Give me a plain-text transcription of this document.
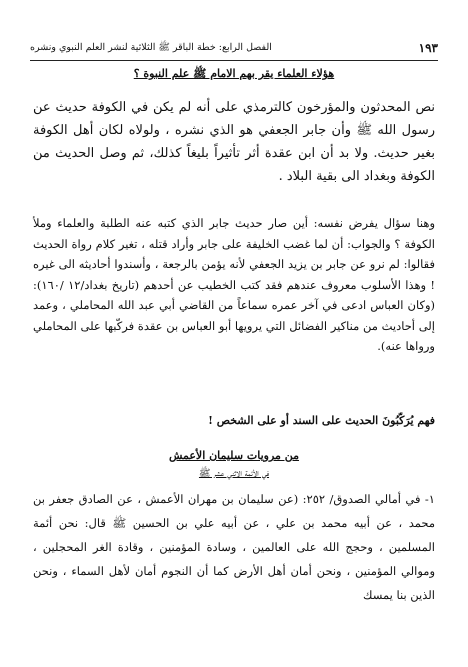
١٩٣
الفصل الرابع: خطة الباقر ﷺ الثلاثية لنشر العلم النبوي ونشره
هؤلاء العلماء يقر بهم الامام ﷺ علم النبوة ؟
نص المحدثون والمؤرخون كالترمذي على أنه لم يكن في الكوفة حديث عن رسول الله ﷺ وأن جابر الجعفي هو الذي نشره ، ولولاه لكان أهل الكوفة بغير حديث. ولا بد أن ابن عقدة أثر تأثيراً بليغاً كذلك، ثم وصل الحديث من الكوفة وبغداد الى بقية البلاد .
وهنا سؤال يفرض نفسه: أين صار حديث جابر الذي كتبه عنه الطلبة والعلماء وملأ الكوفة ؟ والجواب: أن لما غضب الخليفة على جابر وأراد قتله ، تغير كلام رواة الحديث فقالوا: لم نرو عن جابر بن يزيد الجعفي لأنه يؤمن بالرجعة ، وأسندوا أحاديثه الى غيره ! وهذا الأسلوب معروف عندهم فقد كتب الخطيب عن أحدهم (تاريخ بغداد/١٢ /١٦٠): (وكان العباس ادعى في آخر عمره سماعاً من القاضي أبي عبد الله المحاملي ، وعمد إلى أحاديث من مناكير الفضائل التي يرويها أبو العباس بن عقدة فركّبها على المحاملي ورواها عنه).
فهم يُرَكّبُونَ الحديث على السند أو على الشخص !
من مرويات سليمان الأعمش
في الأئمة الاثني عشر ﷺ
١- في أمالي الصدوق/ ٢٥٢: (عن سليمان بن مهران الأعمش ، عن الصادق جعفر بن محمد ، عن أبيه محمد بن علي ، عن أبيه علي بن الحسين ﷺ قال: نحن أئمة المسلمين ، وحجج الله على العالمين ، وسادة المؤمنين ، وقادة الغر المحجلين ، وموالي المؤمنين ، ونحن أمان أهل الأرض كما أن النجوم أمان لأهل السماء ، ونحن الذين بنا يمسك
